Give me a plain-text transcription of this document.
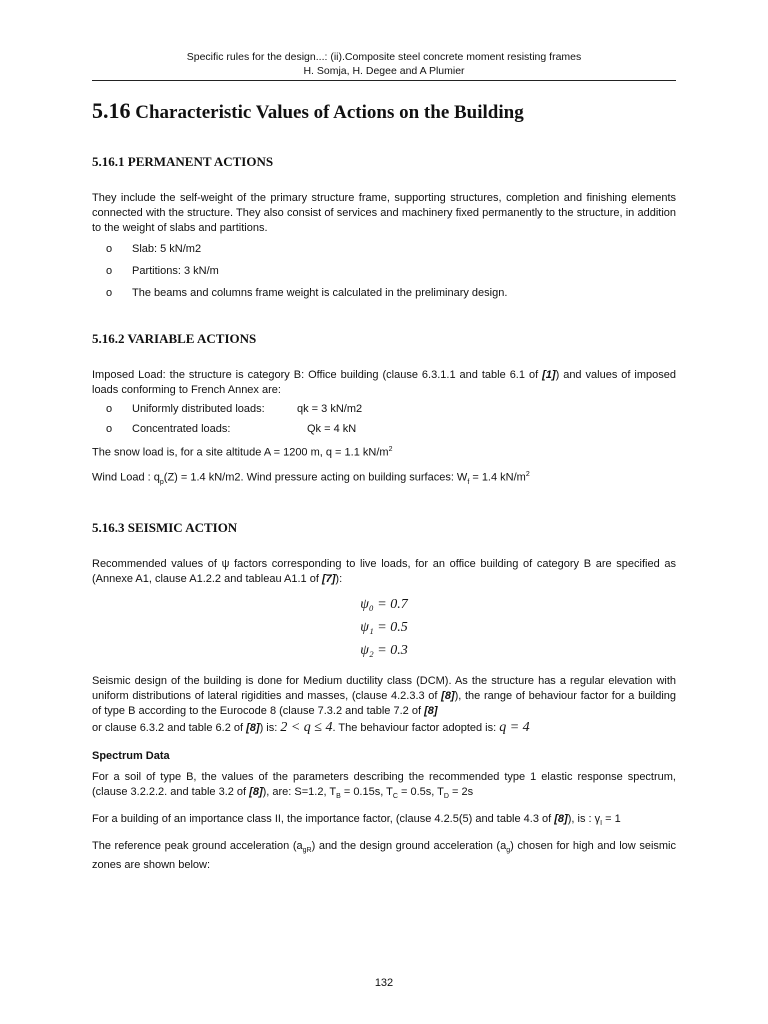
Specific rules for the design...: (ii).Composite steel concrete moment resisting frames
H. Somja, H. Degee and A Plumier
5.16 Characteristic Values of Actions on the Building
5.16.1 PERMANENT ACTIONS

They include the self-weight of the primary structure frame, supporting structures, completion and finishing elements connected with the structure. They also consist of services and machinery fixed permanently to the structure, in addition to the weight of slabs and partitions.

o	Slab: 5 kN/m2
o	Partitions: 3 kN/m
o	The beams and columns frame weight is calculated in the preliminary design.
5.16.2 VARIABLE ACTIONS

Imposed Load: the structure is category B: Office building (clause 6.3.1.1 and table 6.1 of [1]) and values of imposed loads conforming to French Annex are:

o	Uniformly distributed loads:	qk = 3 kN/m2
o	Concentrated loads:	Qk = 4 kN

The snow load is, for a site altitude A = 1200 m, q = 1.1 $kN/m^2$

Wind Load : $q_p(Z) = 1.4$ kN/m2. Wind pressure acting on building surfaces: $W_f = 1.4$ $kN/m^2$

5.16.3 SEISMIC ACTION

Recommended values of ψ factors corresponding to live loads, for an office building of category B are specified as (Annexe A1, clause A1.2.2 and tableau A1.1 of [7]):

ψ₀ = 0.7
ψ₁ = 0.5
ψ₂ = 0.3

Seismic design of the building is done for Medium ductility class (DCM). As the structure has a regular elevation with uniform distributions of lateral rigidities and masses, (clause 4.2.3.3 of [8]), the range of behaviour factor for a building of type B according to the Eurocode 8 (clause 7.3.2 and table 7.2 of [8]

or clause 6.3.2 and table 6.2 of [8]) is: 2 < q ≤ 4. The behaviour factor adopted is: q = 4

Spectrum Data

For a soil of type B, the values of the parameters describing the recommended type 1 elastic response spectrum, (clause 3.2.2.2. and table 3.2 of [8]), are: S=1.2, $T_B = 0.15s$, $T_C = 0.5s$, $T_D = 2s$

For a building of an importance class II, the importance factor, (clause 4.2.5(5) and table 4.3 of [8]), is : $\gamma_I = 1$

The reference peak ground acceleration $(a_{gR})$ and the design ground acceleration $(a_g)$ chosen for high and low seismic zones are shown below:

132
